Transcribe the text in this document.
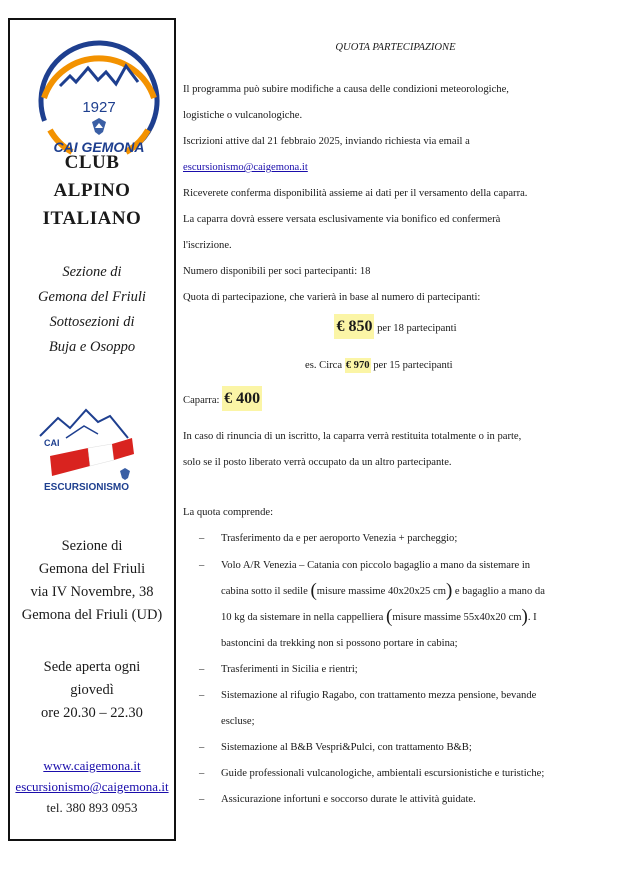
1927
CAI GEMONA
CLUB
ALPINO
ITALIANO
Sezione di
Gemona del Friuli
Sottosezioni di
Buja e Osoppo
CAI
ESCURSIONISMO
Sezione di
Gemona del Friuli
via IV Novembre, 38
Gemona del Friuli (UD)
Sede aperta ogni
giovedì
ore 20.30 – 22.30
www.caigemona.it
escursionismo@caigemona.it
tel. 380 893 0953
QUOTA PARTECIPAZIONE
Il programma può subire modifiche a causa delle condizioni meteorologiche,
logistiche o vulcanologiche.
Iscrizioni attive dal 21 febbraio 2025, inviando richiesta via email a
escursionismo@caigemona.it
Riceverete conferma disponibilità assieme ai dati per il versamento della caparra.
La caparra dovrà essere versata esclusivamente via bonifico ed confermerà
l'iscrizione.
Numero disponibili per soci partecipanti: 18
Quota di partecipazione, che varierà in base al numero di partecipanti:
€ 850 per 18 partecipanti
es. Circa € 970 per 15 partecipanti
Caparra: € 400
In caso di rinuncia di un iscritto, la caparra verrà restituita totalmente o in parte,
solo se il posto liberato verrà occupato da un altro partecipante.
La quota comprende:
– Trasferimento da e per aeroporto Venezia + parcheggio;
– Volo A/R Venezia – Catania con piccolo bagaglio a mano da sistemare in
cabina sotto il sedile (misure massime 40x20x25 cm) e bagaglio a mano da
10 kg da sistemare in nella cappelliera (misure massime 55x40x20 cm). I
bastoncini da trekking non si possono portare in cabina;
– Trasferimenti in Sicilia e rientri;
– Sistemazione al rifugio Ragabo, con trattamento mezza pensione, bevande
escluse;
– Sistemazione al B&B Vespri&Pulci, con trattamento B&B;
– Guide professionali vulcanologiche, ambientali escursionistiche e turistiche;
– Assicurazione infortuni e soccorso durate le attività guidate.
